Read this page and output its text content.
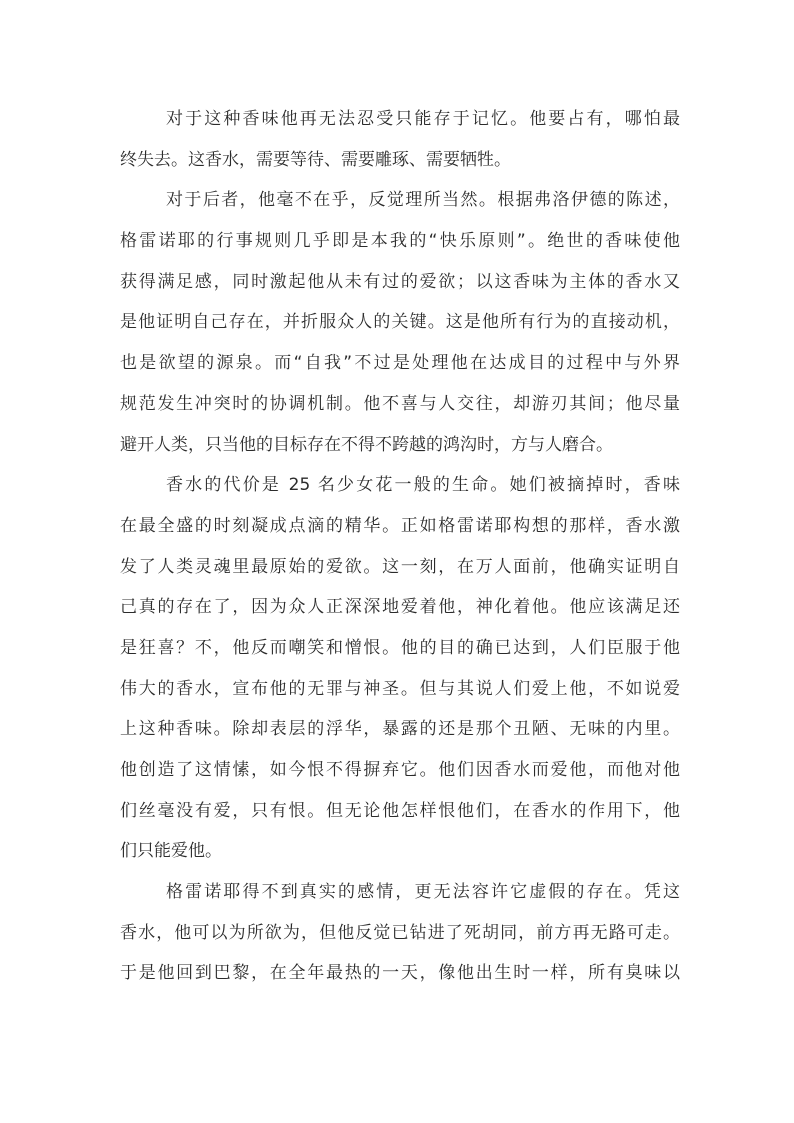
对于这种香味他再无法忍受只能存于记忆。他要占有，哪怕最
终失去。这香水，需要等待、需要雕琢、需要牺牲。
对于后者，他毫不在乎，反觉理所当然。根据弗洛伊德的陈述，
格雷诺耶的行事规则几乎即是本我的“快乐原则”。绝世的香味使他
获得满足感，同时激起他从未有过的爱欲；以这香味为主体的香水又
是他证明自己存在，并折服众人的关键。这是他所有行为的直接动机，
也是欲望的源泉。而“自我”不过是处理他在达成目的过程中与外界
规范发生冲突时的协调机制。他不喜与人交往，却游刃其间；他尽量
避开人类，只当他的目标存在不得不跨越的鸿沟时，方与人磨合。
香水的代价是 25 名少女花一般的生命。她们被摘掉时，香味
在最全盛的时刻凝成点滴的精华。正如格雷诺耶构想的那样，香水激
发了人类灵魂里最原始的爱欲。这一刻，在万人面前，他确实证明自
己真的存在了，因为众人正深深地爱着他，神化着他。他应该满足还
是狂喜？不，他反而嘲笑和憎恨。他的目的确已达到，人们臣服于他
伟大的香水，宣布他的无罪与神圣。但与其说人们爱上他，不如说爱
上这种香味。除却表层的浮华，暴露的还是那个丑陋、无味的内里。
他创造了这情愫，如今恨不得摒弃它。他们因香水而爱他，而他对他
们丝毫没有爱，只有恨。但无论他怎样恨他们，在香水的作用下，他
们只能爱他。
格雷诺耶得不到真实的感情，更无法容许它虚假的存在。凭这
香水，他可以为所欲为，但他反觉已钻进了死胡同，前方再无路可走。
于是他回到巴黎，在全年最热的一天，像他出生时一样，所有臭味以
